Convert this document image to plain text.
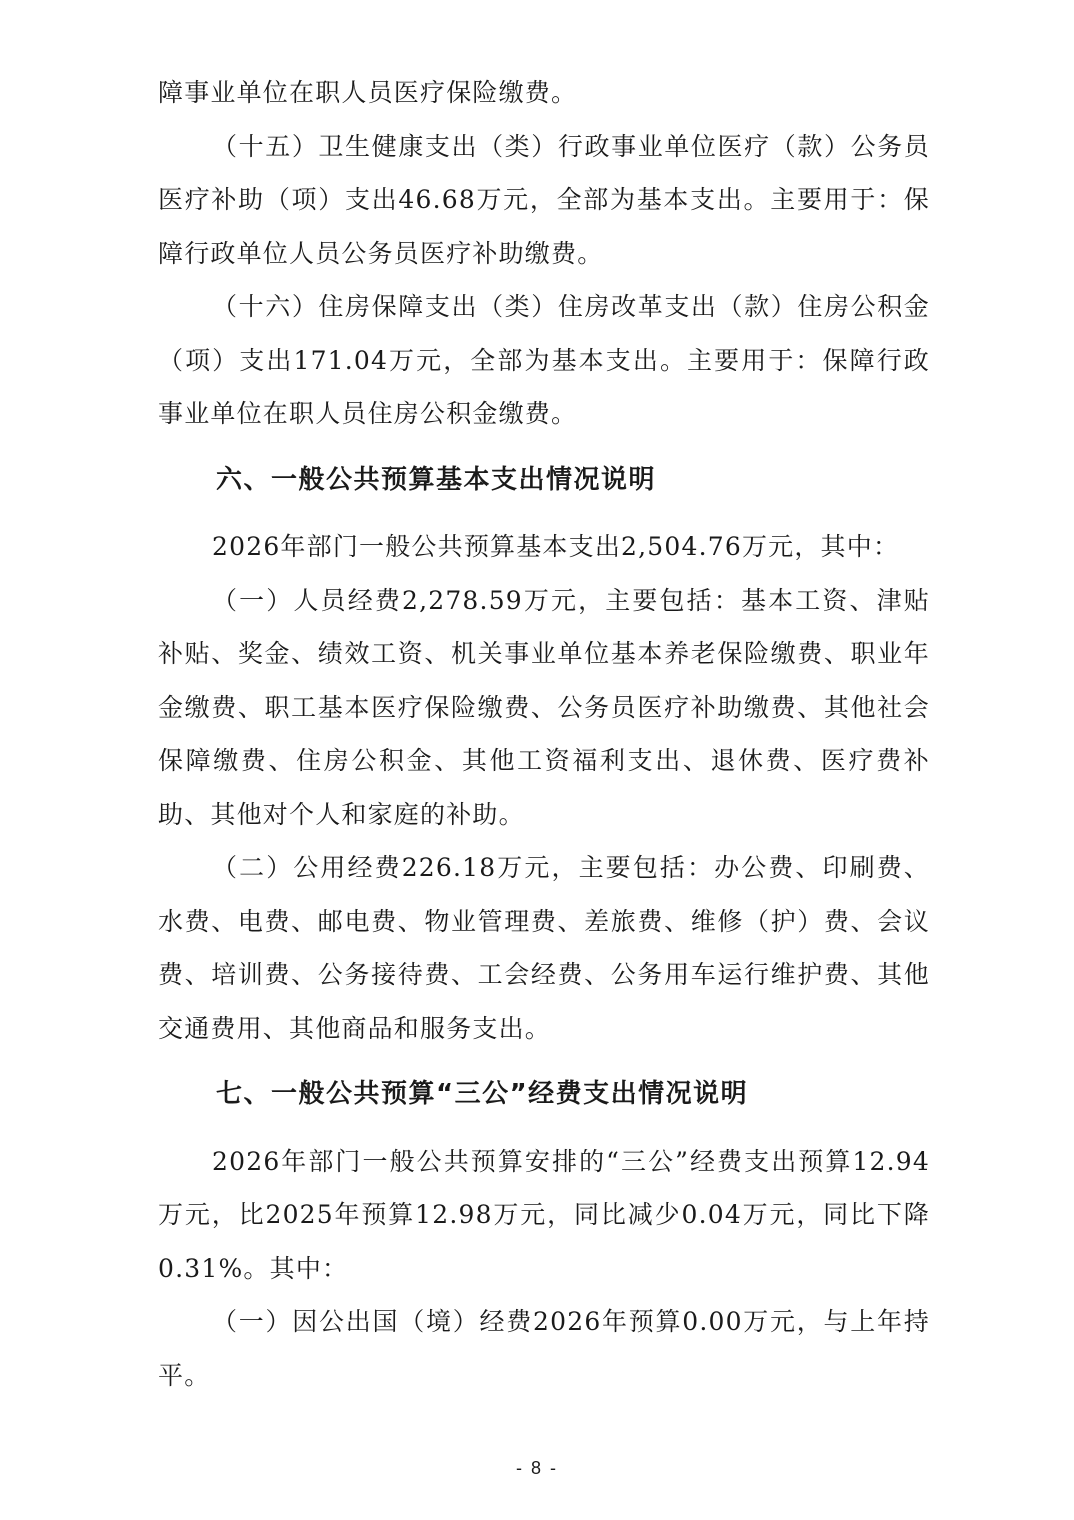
障事业单位在职人员医疗保险缴费。

（十五）卫生健康支出（类）行政事业单位医疗（款）公务员医疗补助（项）支出46.68万元，全部为基本支出。主要用于：保障行政单位人员公务员医疗补助缴费。

（十六）住房保障支出（类）住房改革支出（款）住房公积金（项）支出171.04万元，全部为基本支出。主要用于：保障行政事业单位在职人员住房公积金缴费。

六、一般公共预算基本支出情况说明

2026年部门一般公共预算基本支出2,504.76万元，其中：

（一）人员经费2,278.59万元，主要包括：基本工资、津贴补贴、奖金、绩效工资、机关事业单位基本养老保险缴费、职业年金缴费、职工基本医疗保险缴费、公务员医疗补助缴费、其他社会保障缴费、住房公积金、其他工资福利支出、退休费、医疗费补助、其他对个人和家庭的补助。

（二）公用经费226.18万元，主要包括：办公费、印刷费、水费、电费、邮电费、物业管理费、差旅费、维修（护）费、会议费、培训费、公务接待费、工会经费、公务用车运行维护费、其他交通费用、其他商品和服务支出。

七、一般公共预算“三公”经费支出情况说明

2026年部门一般公共预算安排的“三公”经费支出预算12.94万元，比2025年预算12.98万元，同比减少0.04万元，同比下降0.31%。其中：

（一）因公出国（境）经费2026年预算0.00万元，与上年持平。

- 8 -
